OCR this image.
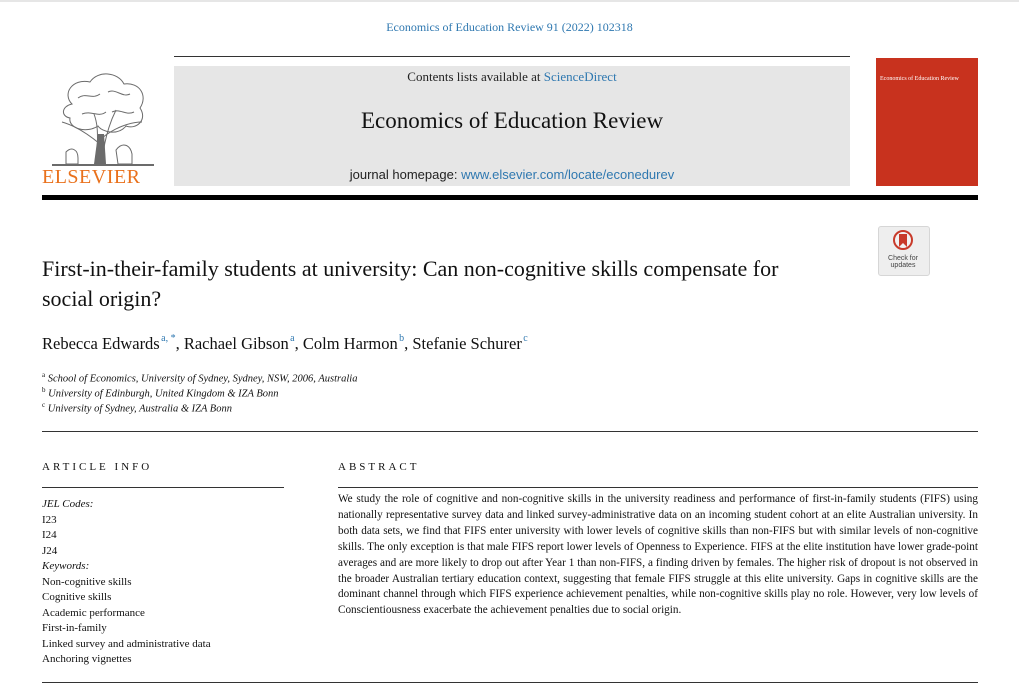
Economics of Education Review 91 (2022) 102318
ELSEVIER
Contents lists available at ScienceDirect
Economics of Education Review
journal homepage: www.elsevier.com/locate/econedurev
Economics of Education Review
Check for
updates
First-in-their-family students at university: Can non-cognitive skills compensate for social origin?
Rebecca Edwards $^{a, *}$, Rachael Gibson $^a$, Colm Harmon $^b$, Stefanie Schurer $^c$
$^a$ School of Economics, University of Sydney, Sydney, NSW, 2006, Australia
$^b$ University of Edinburgh, United Kingdom & IZA Bonn
$^c$ University of Sydney, Australia & IZA Bonn
ARTICLE INFO	ABSTRACT
JEL Codes:
I23
I24
J24
Keywords:
Non-cognitive skills
Cognitive skills
Academic performance
First-in-family
Linked survey and administrative data
Anchoring vignettes
We study the role of cognitive and non-cognitive skills in the university readiness and performance of first-in-family students (FIFS) using nationally representative survey data and linked survey-administrative data on an incoming student cohort at an elite Australian university. In both data sets, we find that FIFS enter university with lower levels of cognitive skills than non-FIFS but with similar levels of non-cognitive skills. The only exception is that male FIFS report lower levels of Openness to Experience. FIFS at the elite institution have lower grade-point averages and are more likely to drop out after Year 1 than non-FIFS, a finding driven by females. The higher risk of dropout is not observed in the broader Australian tertiary education context, suggesting that female FIFS struggle at this elite university. Gaps in cognitive skills are the dominant channel through which FIFS experience achievement penalties, while non-cognitive skills play no role. However, very low levels of Conscientiousness exacerbate the achievement penalties due to social origin.
